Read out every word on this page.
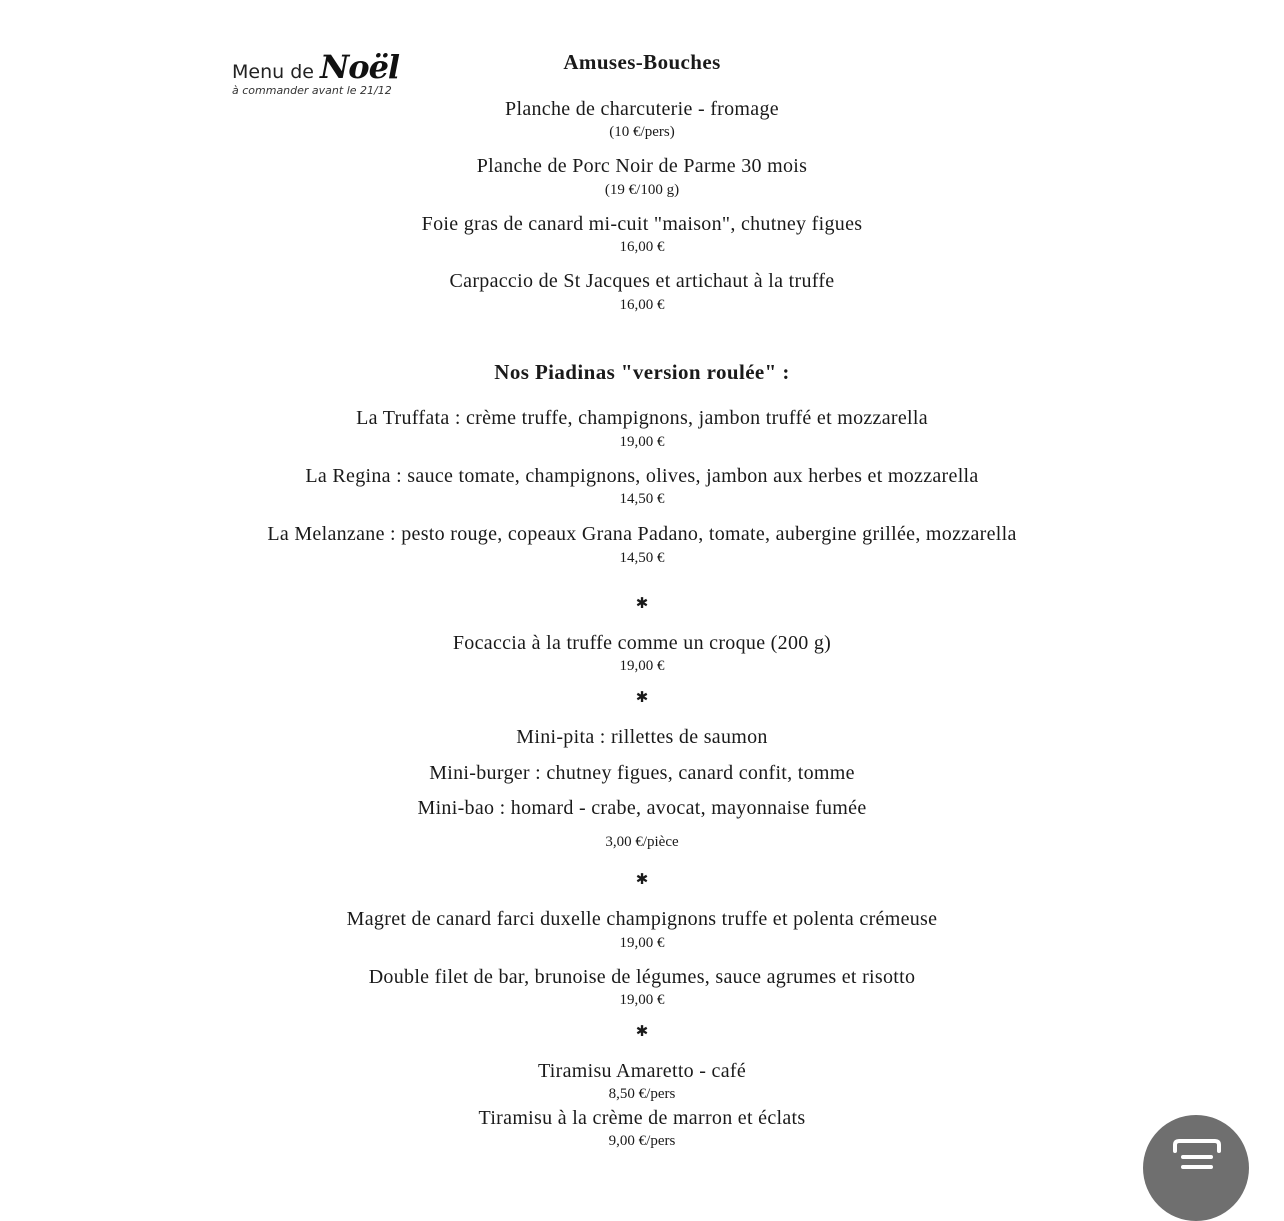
Menu de Noël
à commander avant le 21/12
Amuses-Bouches
Planche de charcuterie - fromage
(10 €/pers)
Planche de Porc Noir de Parme 30 mois
(19 €/100 g)
Foie gras de canard mi-cuit "maison", chutney figues
16,00 €
Carpaccio de St Jacques et artichaut à la truffe
16,00 €
Nos Piadinas "version roulée" :
La Truffata : crème truffe, champignons, jambon truffé et mozzarella
19,00 €
La Regina : sauce tomate, champignons, olives, jambon aux herbes et mozzarella
14,50 €
La Melanzane : pesto rouge, copeaux Grana Padano, tomate, aubergine grillée, mozzarella
14,50 €
✱
Focaccia à la truffe comme un croque (200 g)
19,00 €
✱
Mini-pita : rillettes de saumon
Mini-burger : chutney figues, canard confit, tomme
Mini-bao : homard - crabe, avocat, mayonnaise fumée
3,00 €/pièce
✱
Magret de canard farci duxelle champignons truffe et polenta crémeuse
19,00 €
Double filet de bar, brunoise de légumes, sauce agrumes et risotto
19,00 €
✱
Tiramisu Amaretto - café
8,50 €/pers
Tiramisu à la crème de marron et éclats
9,00 €/pers
